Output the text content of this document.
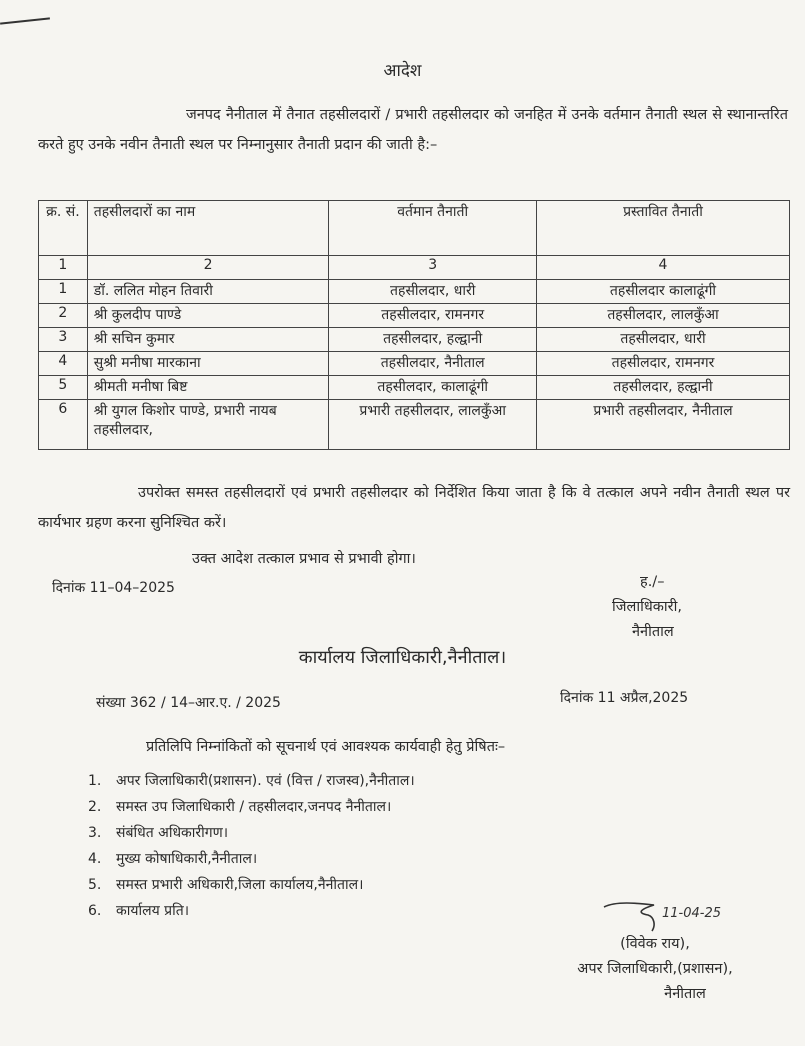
आदेश
जनपद नैनीताल में तैनात तहसीलदारों / प्रभारी तहसीलदार को जनहित में उनके वर्तमान तैनाती स्थल से स्थानान्तरित करते हुए उनके नवीन तैनाती स्थल पर निम्नानुसार तैनाती प्रदान की जाती है:–
क्र. सं.	तहसीलदारों का नाम	वर्तमान तैनाती	प्रस्तावित तैनाती
1	2	3	4
1	डॉ. ललित मोहन तिवारी	तहसीलदार, धारी	तहसीलदार कालाढूंगी
2	श्री कुलदीप पाण्डे	तहसीलदार, रामनगर	तहसीलदार, लालकुँआ
3	श्री सचिन कुमार	तहसीलदार, हल्द्वानी	तहसीलदार, धारी
4	सुश्री मनीषा मारकाना	तहसीलदार, नैनीताल	तहसीलदार, रामनगर
5	श्रीमती मनीषा बिष्ट	तहसीलदार, कालाढूंगी	तहसीलदार, हल्द्वानी
6	श्री युगल किशोर पाण्डे, प्रभारी नायब तहसीलदार,	प्रभारी तहसीलदार, लालकुँआ	प्रभारी तहसीलदार, नैनीताल
उपरोक्त समस्त तहसीलदारों एवं प्रभारी तहसीलदार को निर्देशित किया जाता है कि वे तत्काल अपने नवीन तैनाती स्थल पर कार्यभार ग्रहण करना सुनिश्चित करें।
उक्त आदेश तत्काल प्रभाव से प्रभावी होगा।
दिनांक 11–04–2025	ह./–
जिलाधिकारी,
नैनीताल
कार्यालय जिलाधिकारी,नैनीताल।
संख्या 362 / 14–आर.ए. / 2025	दिनांक 11 अप्रैल,2025
प्रतिलिपि निम्नांकितों को सूचनार्थ एवं आवश्यक कार्यवाही हेतु प्रेषितः–
1. अपर जिलाधिकारी(प्रशासन). एवं (वित्त / राजस्व),नैनीताल।
2. समस्त उप जिलाधिकारी / तहसीलदार,जनपद नैनीताल।
3. संबंधित अधिकारीगण।
4. मुख्य कोषाधिकारी,नैनीताल।
5. समस्त प्रभारी अधिकारी,जिला कार्यालय,नैनीताल।
6. कार्यालय प्रति।	11-04-25
(विवेक राय),
अपर जिलाधिकारी,(प्रशासन),
नैनीताल
